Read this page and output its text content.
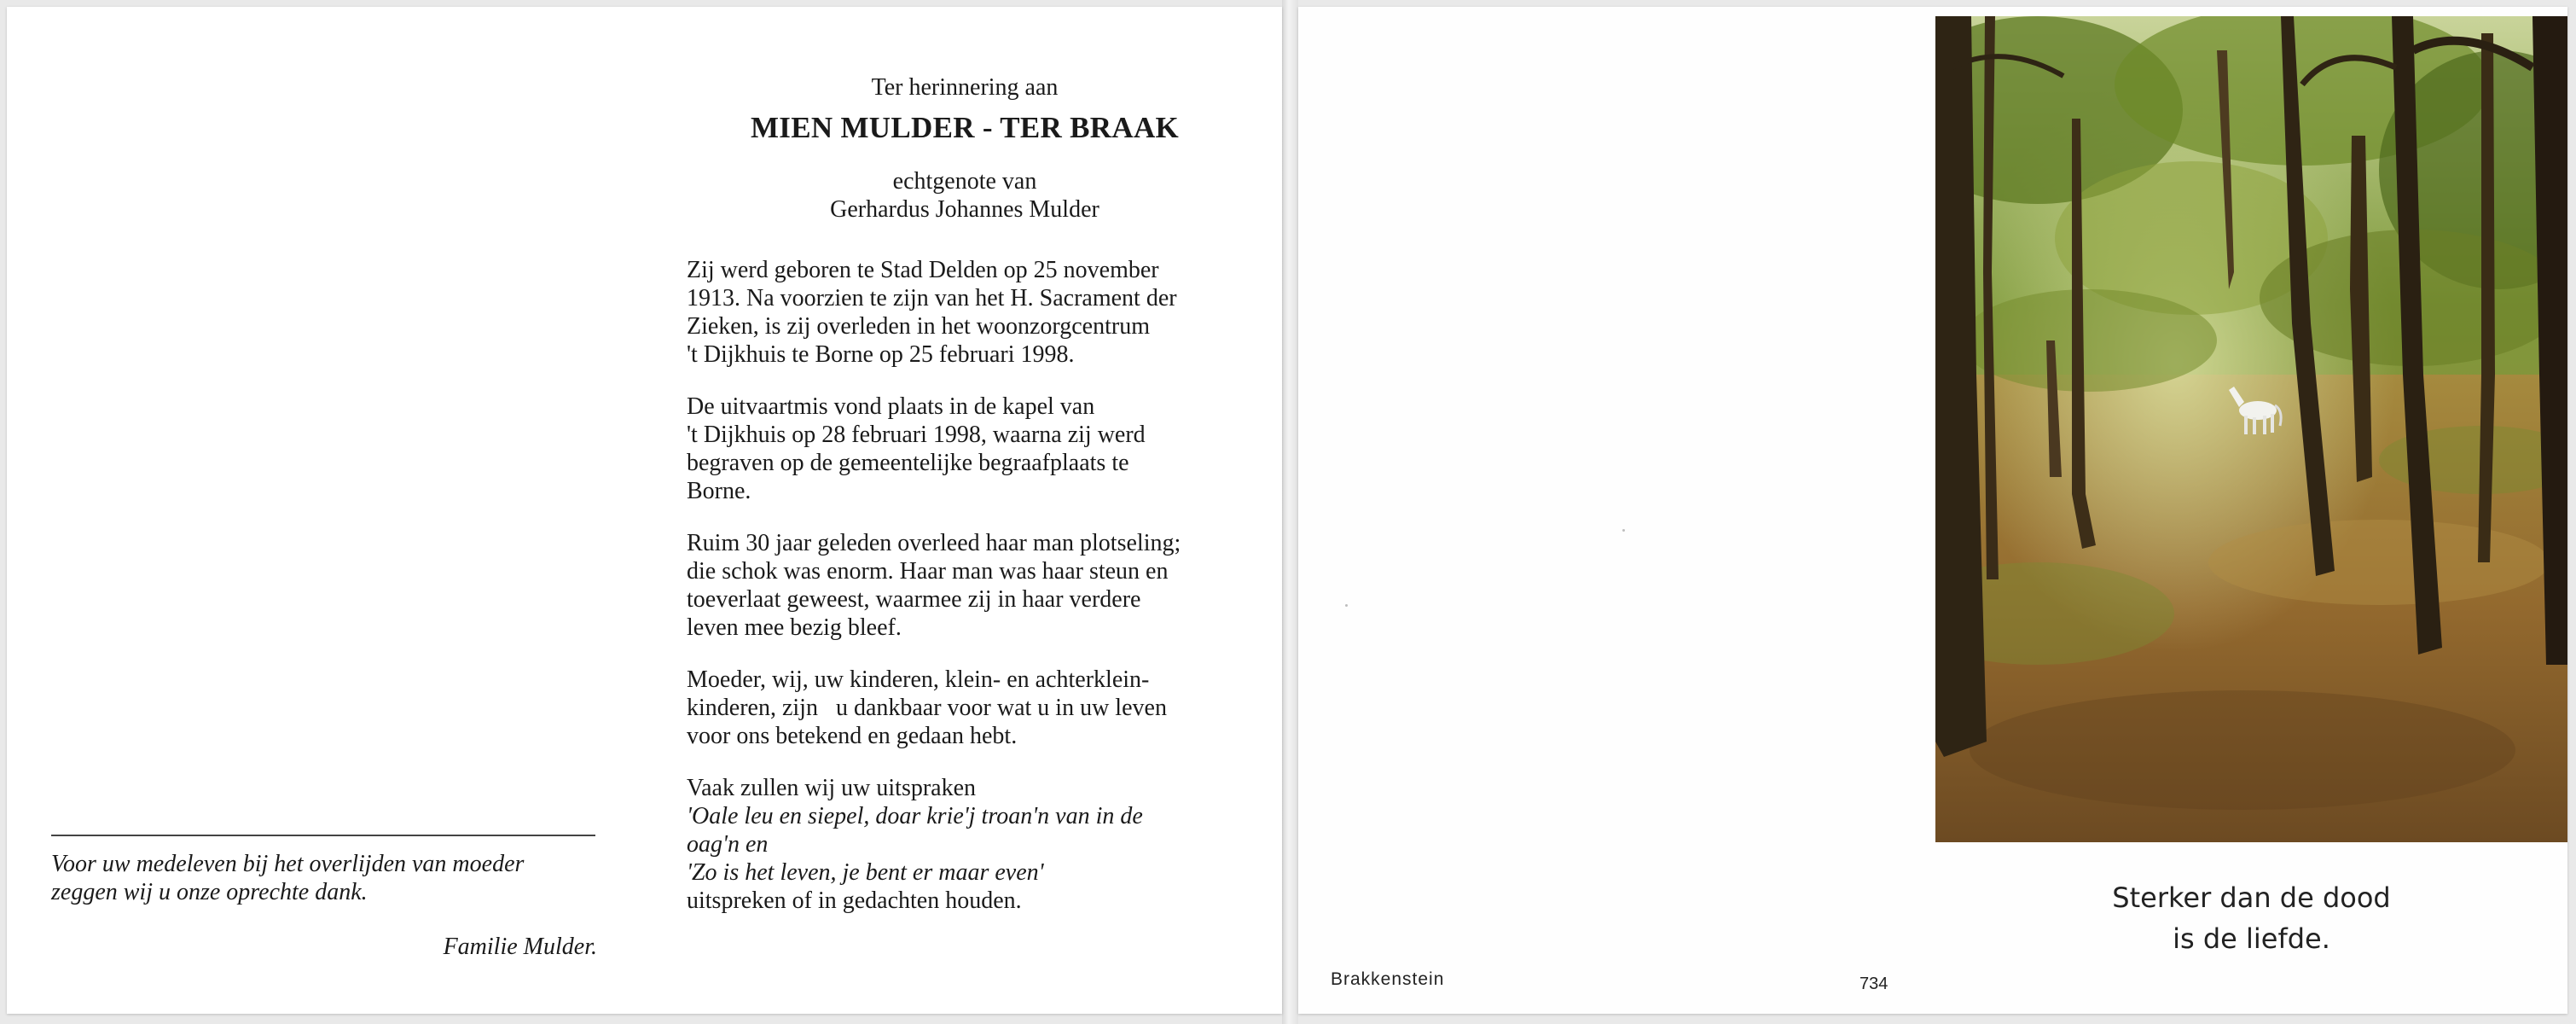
Ter herinnering aan

MIEN MULDER - TER BRAAK

echtgenote van
Gerhardus Johannes Mulder

Zij werd geboren te Stad Delden op 25 november
1913. Na voorzien te zijn van het H. Sacrament der
Zieken, is zij overleden in het woonzorgcentrum
't Dijkhuis te Borne op 25 februari 1998.

De uitvaartmis vond plaats in de kapel van
't Dijkhuis op 28 februari 1998, waarna zij werd
begraven op de gemeentelijke begraafplaats te
Borne.

Ruim 30 jaar geleden overleed haar man plotseling;
die schok was enorm. Haar man was haar steun en
toeverlaat geweest, waarmee zij in haar verdere
leven mee bezig bleef.

Moeder, wij, uw kinderen, klein- en achterklein-
kinderen, zijn   u dankbaar voor wat u in uw leven
voor ons betekend en gedaan hebt.

Vaak zullen wij uw uitspraken
'Oale leu en siepel, doar krie'j troan'n van in de
oag'n en
'Zo is het leven, je bent er maar even'
uitspreken of in gedachten houden.

Voor uw medeleven bij het overlijden van moeder
zeggen wij u onze oprechte dank.
Familie Mulder.
Sterker dan de dood
is de liefde.
Brakkenstein	734
